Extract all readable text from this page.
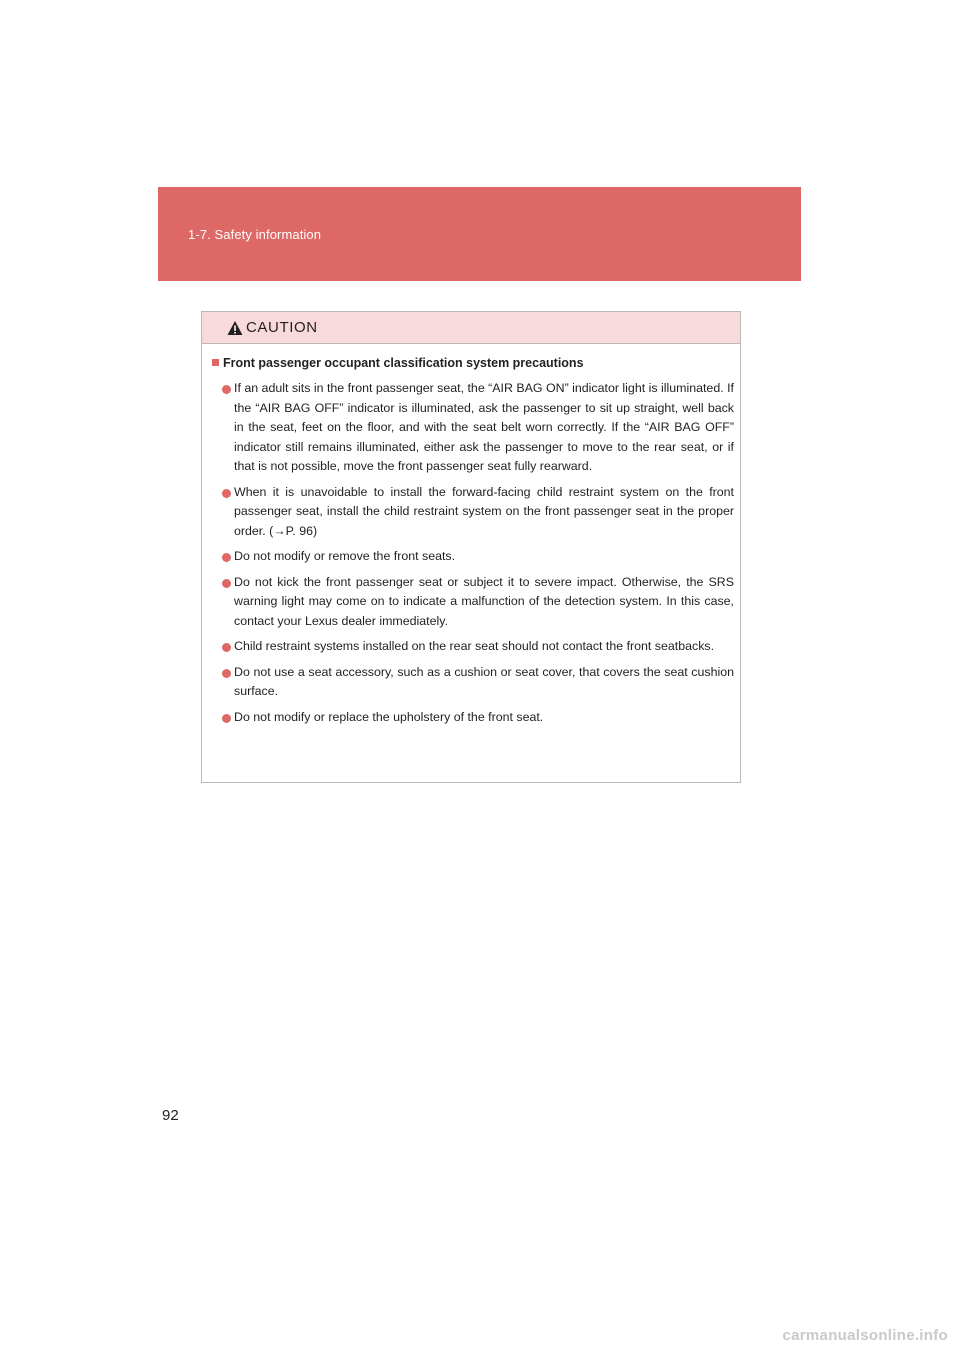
1-7. Safety information
CAUTION
Front passenger occupant classification system precautions
If an adult sits in the front passenger seat, the “AIR BAG ON” indicator light is illuminated. If the “AIR BAG OFF” indicator is illuminated, ask the passenger to sit up straight, well back in the seat, feet on the floor, and with the seat belt worn correctly. If the “AIR BAG OFF” indicator still remains illuminated, either ask the passenger to move to the rear seat, or if that is not possible, move the front passenger seat fully rearward.
When it is unavoidable to install the forward-facing child restraint system on the front passenger seat, install the child restraint system on the front passenger seat in the proper order. (→P. 96)
Do not modify or remove the front seats.
Do not kick the front passenger seat or subject it to severe impact. Otherwise, the SRS warning light may come on to indicate a malfunction of the detection system. In this case, contact your Lexus dealer immediately.
Child restraint systems installed on the rear seat should not contact the front seatbacks.
Do not use a seat accessory, such as a cushion or seat cover, that covers the seat cushion surface.
Do not modify or replace the upholstery of the front seat.
92
carmanualsonline.info
